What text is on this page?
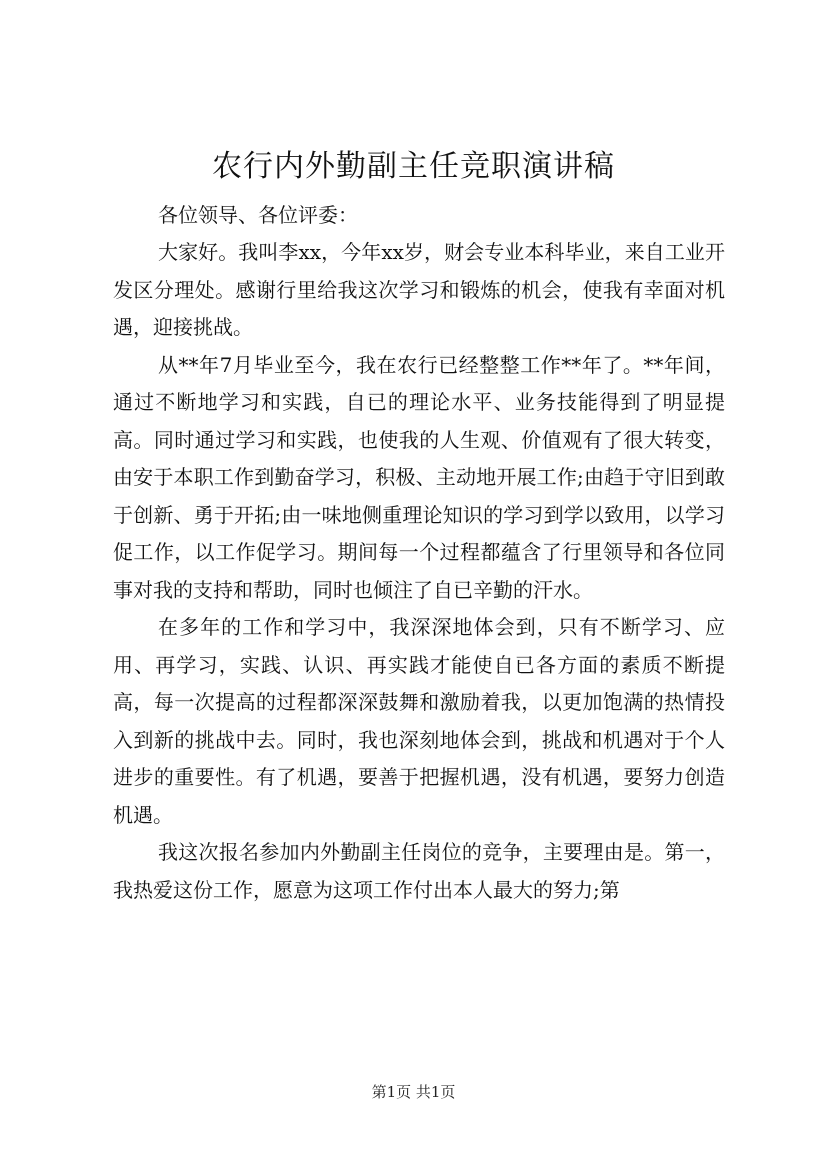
农行内外勤副主任竞职演讲稿

各位领导、各位评委：

大家好。我叫李xx，今年xx岁，财会专业本科毕业，来自工业开发区分理处。感谢行里给我这次学习和锻炼的机会，使我有幸面对机遇，迎接挑战。

从**年7月毕业至今，我在农行已经整整工作**年了。**年间，通过不断地学习和实践，自已的理论水平、业务技能得到了明显提高。同时通过学习和实践，也使我的人生观、价值观有了很大转变，由安于本职工作到勤奋学习，积极、主动地开展工作;由趋于守旧到敢于创新、勇于开拓;由一味地侧重理论知识的学习到学以致用，以学习促工作，以工作促学习。期间每一个过程都蕴含了行里领导和各位同事对我的支持和帮助，同时也倾注了自已辛勤的汗水。

在多年的工作和学习中，我深深地体会到，只有不断学习、应用、再学习，实践、认识、再实践才能使自已各方面的素质不断提高，每一次提高的过程都深深鼓舞和激励着我，以更加饱满的热情投入到新的挑战中去。同时，我也深刻地体会到，挑战和机遇对于个人进步的重要性。有了机遇，要善于把握机遇，没有机遇，要努力创造机遇。

我这次报名参加内外勤副主任岗位的竞争，主要理由是。第一，我热爱这份工作，愿意为这项工作付出本人最大的努力;第

第1页 共1页
